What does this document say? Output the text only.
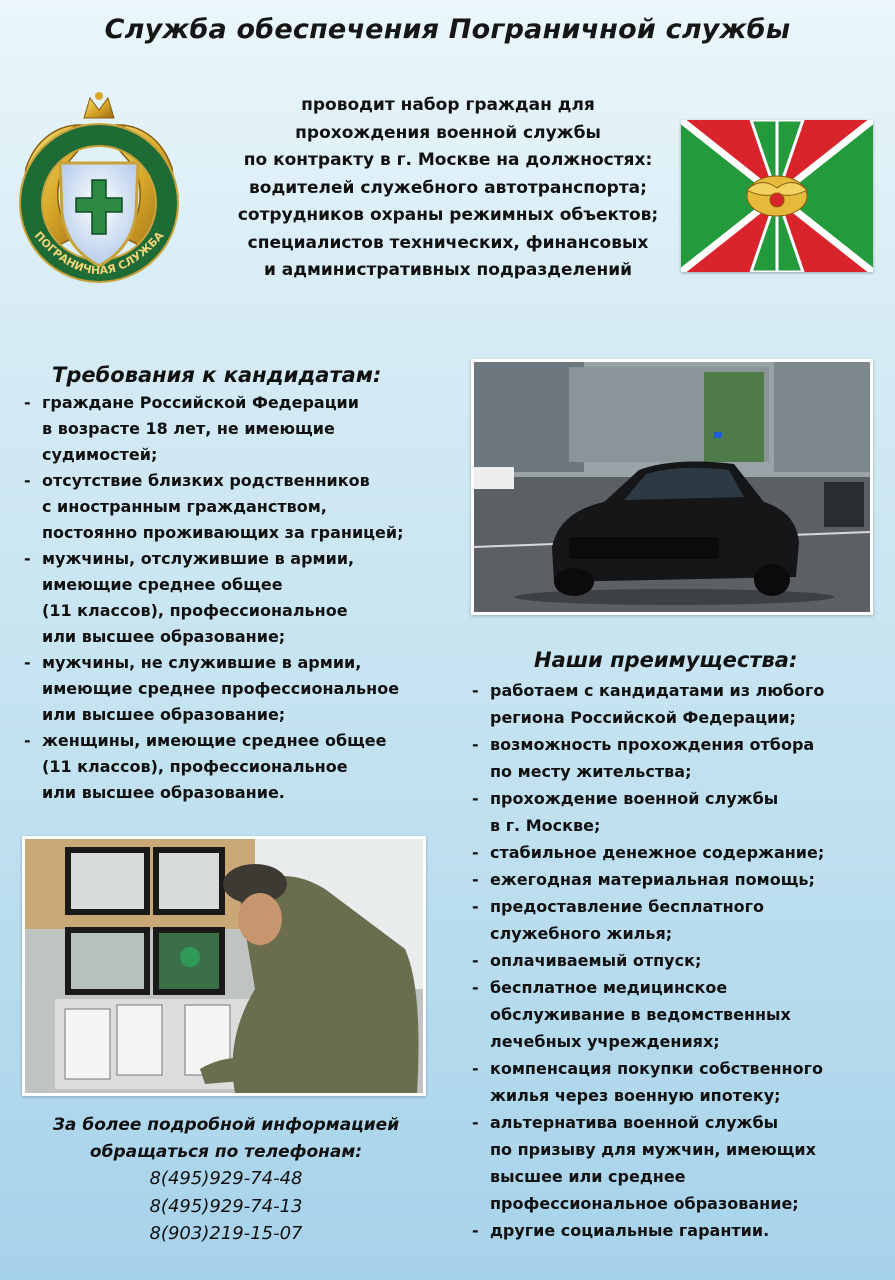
Служба обеспечения Пограничной службы
ПОГРАНИЧНАЯ СЛУЖБА
проводит набор граждан для
прохождения военной службы
по контракту в г. Москве на должностях:
водителей служебного автотранспорта;
сотрудников охраны режимных объектов;
специалистов технических, финансовых
и административных подразделений
Требования к кандидатам:
- граждане Российской Федерации
в возрасте 18 лет, не имеющие
судимостей;
- отсутствие близких родственников
с иностранным гражданством,
постоянно проживающих за границей;
- мужчины, отслужившие в армии,
имеющие среднее общее
(11 классов), профессиональное
или высшее образование;
- мужчины, не служившие в армии,
имеющие среднее профессиональное
или высшее образование;
- женщины, имеющие среднее общее
(11 классов), профессиональное
или высшее образование.
Наши преимущества:
- работаем с кандидатами из любого
региона Российской Федерации;
- возможность прохождения отбора
по месту жительства;
- прохождение военной службы
в г. Москве;
- стабильное денежное содержание;
- ежегодная материальная помощь;
- предоставление бесплатного
служебного жилья;
- оплачиваемый отпуск;
- бесплатное медицинское
обслуживание в ведомственных
лечебных учреждениях;
- компенсация покупки собственного
жилья через военную ипотеку;
- альтернатива военной службы
по призыву для мужчин, имеющих
высшее или среднее
профессиональное образование;
- другие социальные гарантии.
За более подробной информацией
обращаться по телефонам:
8(495)929-74-48
8(495)929-74-13
8(903)219-15-07
